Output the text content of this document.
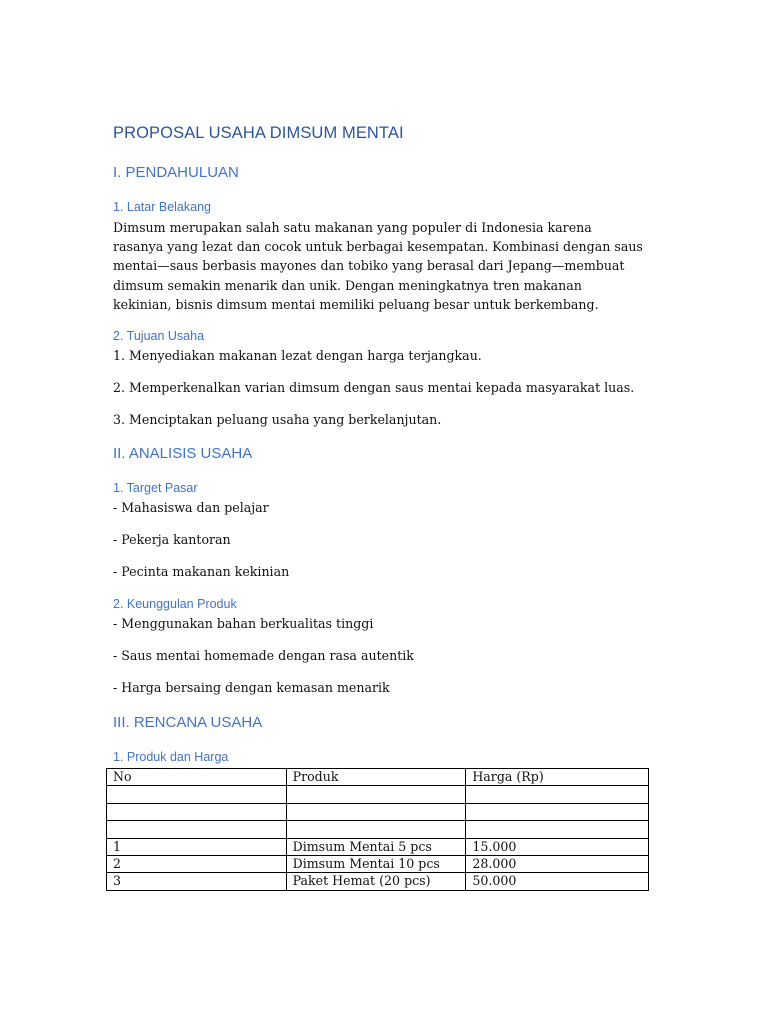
PROPOSAL USAHA DIMSUM MENTAI
I. PENDAHULUAN
1. Latar Belakang
Dimsum merupakan salah satu makanan yang populer di Indonesia karena rasanya yang lezat dan cocok untuk berbagai kesempatan. Kombinasi dengan saus mentai—saus berbasis mayones dan tobiko yang berasal dari Jepang—membuat dimsum semakin menarik dan unik. Dengan meningkatnya tren makanan kekinian, bisnis dimsum mentai memiliki peluang besar untuk berkembang.
2. Tujuan Usaha
1. Menyediakan makanan lezat dengan harga terjangkau.
2. Memperkenalkan varian dimsum dengan saus mentai kepada masyarakat luas.
3. Menciptakan peluang usaha yang berkelanjutan.
II. ANALISIS USAHA
1. Target Pasar
- Mahasiswa dan pelajar
- Pekerja kantoran
- Pecinta makanan kekinian
2. Keunggulan Produk
- Menggunakan bahan berkualitas tinggi
- Saus mentai homemade dengan rasa autentik
- Harga bersaing dengan kemasan menarik
III. RENCANA USAHA
1. Produk dan Harga
No	Produk	Harga (Rp)

1	Dimsum Mentai 5 pcs	15.000
2	Dimsum Mentai 10 pcs	28.000
3	Paket Hemat (20 pcs)	50.000
